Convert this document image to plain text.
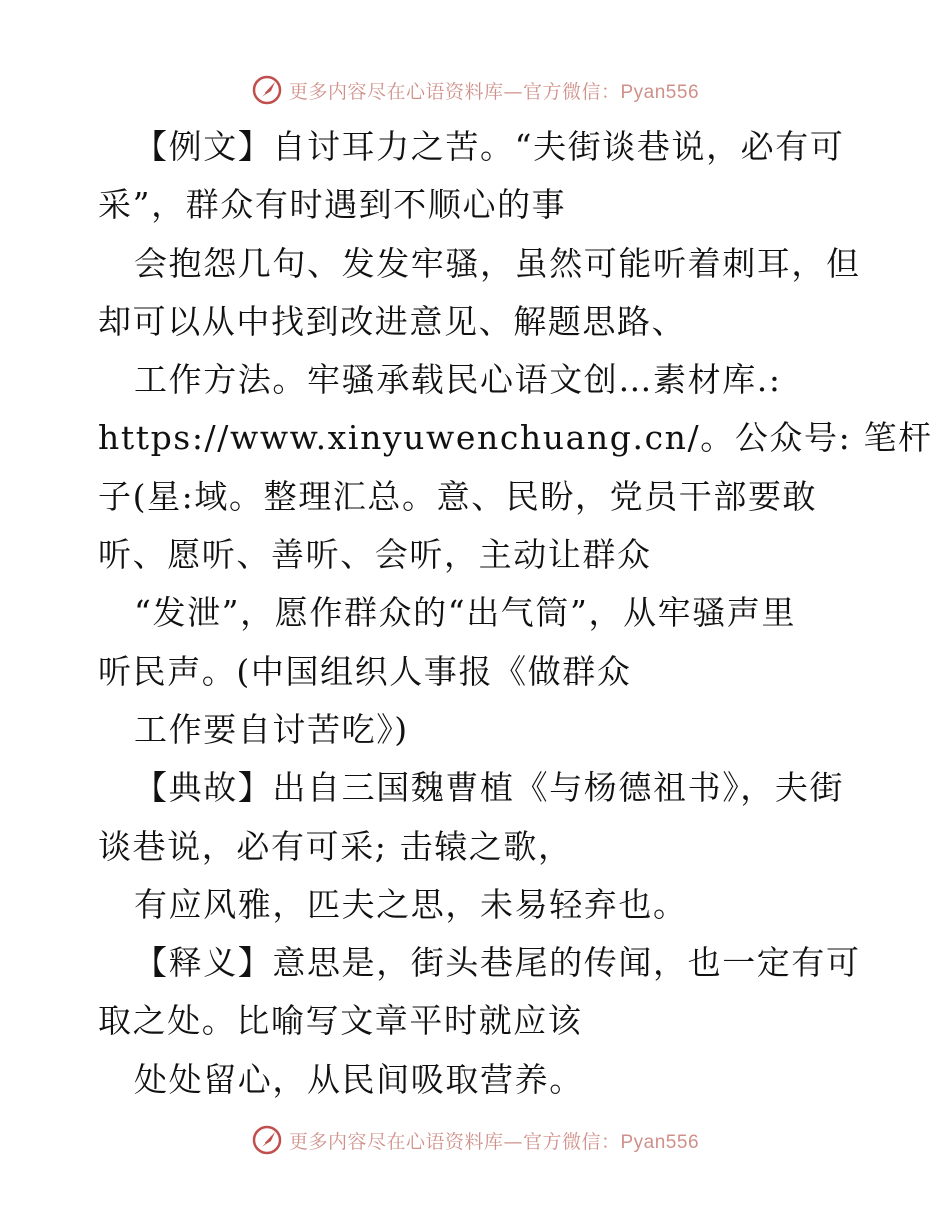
更多内容尽在心语资料库—官方微信：Pyan556
【例文】自讨耳力之苦。“夫街谈巷说，必有可
采”，群众有时遇到不顺心的事
会抱怨几句、发发牢骚，虽然可能听着刺耳，但
却可以从中找到改进意见、解题思路、
工作方法。牢骚承载民心语文创…素材库.:
https://www.xinyuwenchuang.cn/。公众号: 笔杆
子(星:域。整理汇总。意、民盼，党员干部要敢
听、愿听、善听、会听，主动让群众
“发泄”，愿作群众的“出气筒”，从牢骚声里
听民声。(中国组织人事报《做群众
工作要自讨苦吃》)
【典故】出自三国魏曹植《与杨德祖书》，夫街
谈巷说，必有可采; 击辕之歌，
有应风雅，匹夫之思，未易轻弃也。
【释义】意思是，街头巷尾的传闻，也一定有可
取之处。比喻写文章平时就应该
处处留心，从民间吸取营养。
更多内容尽在心语资料库—官方微信：Pyan556
